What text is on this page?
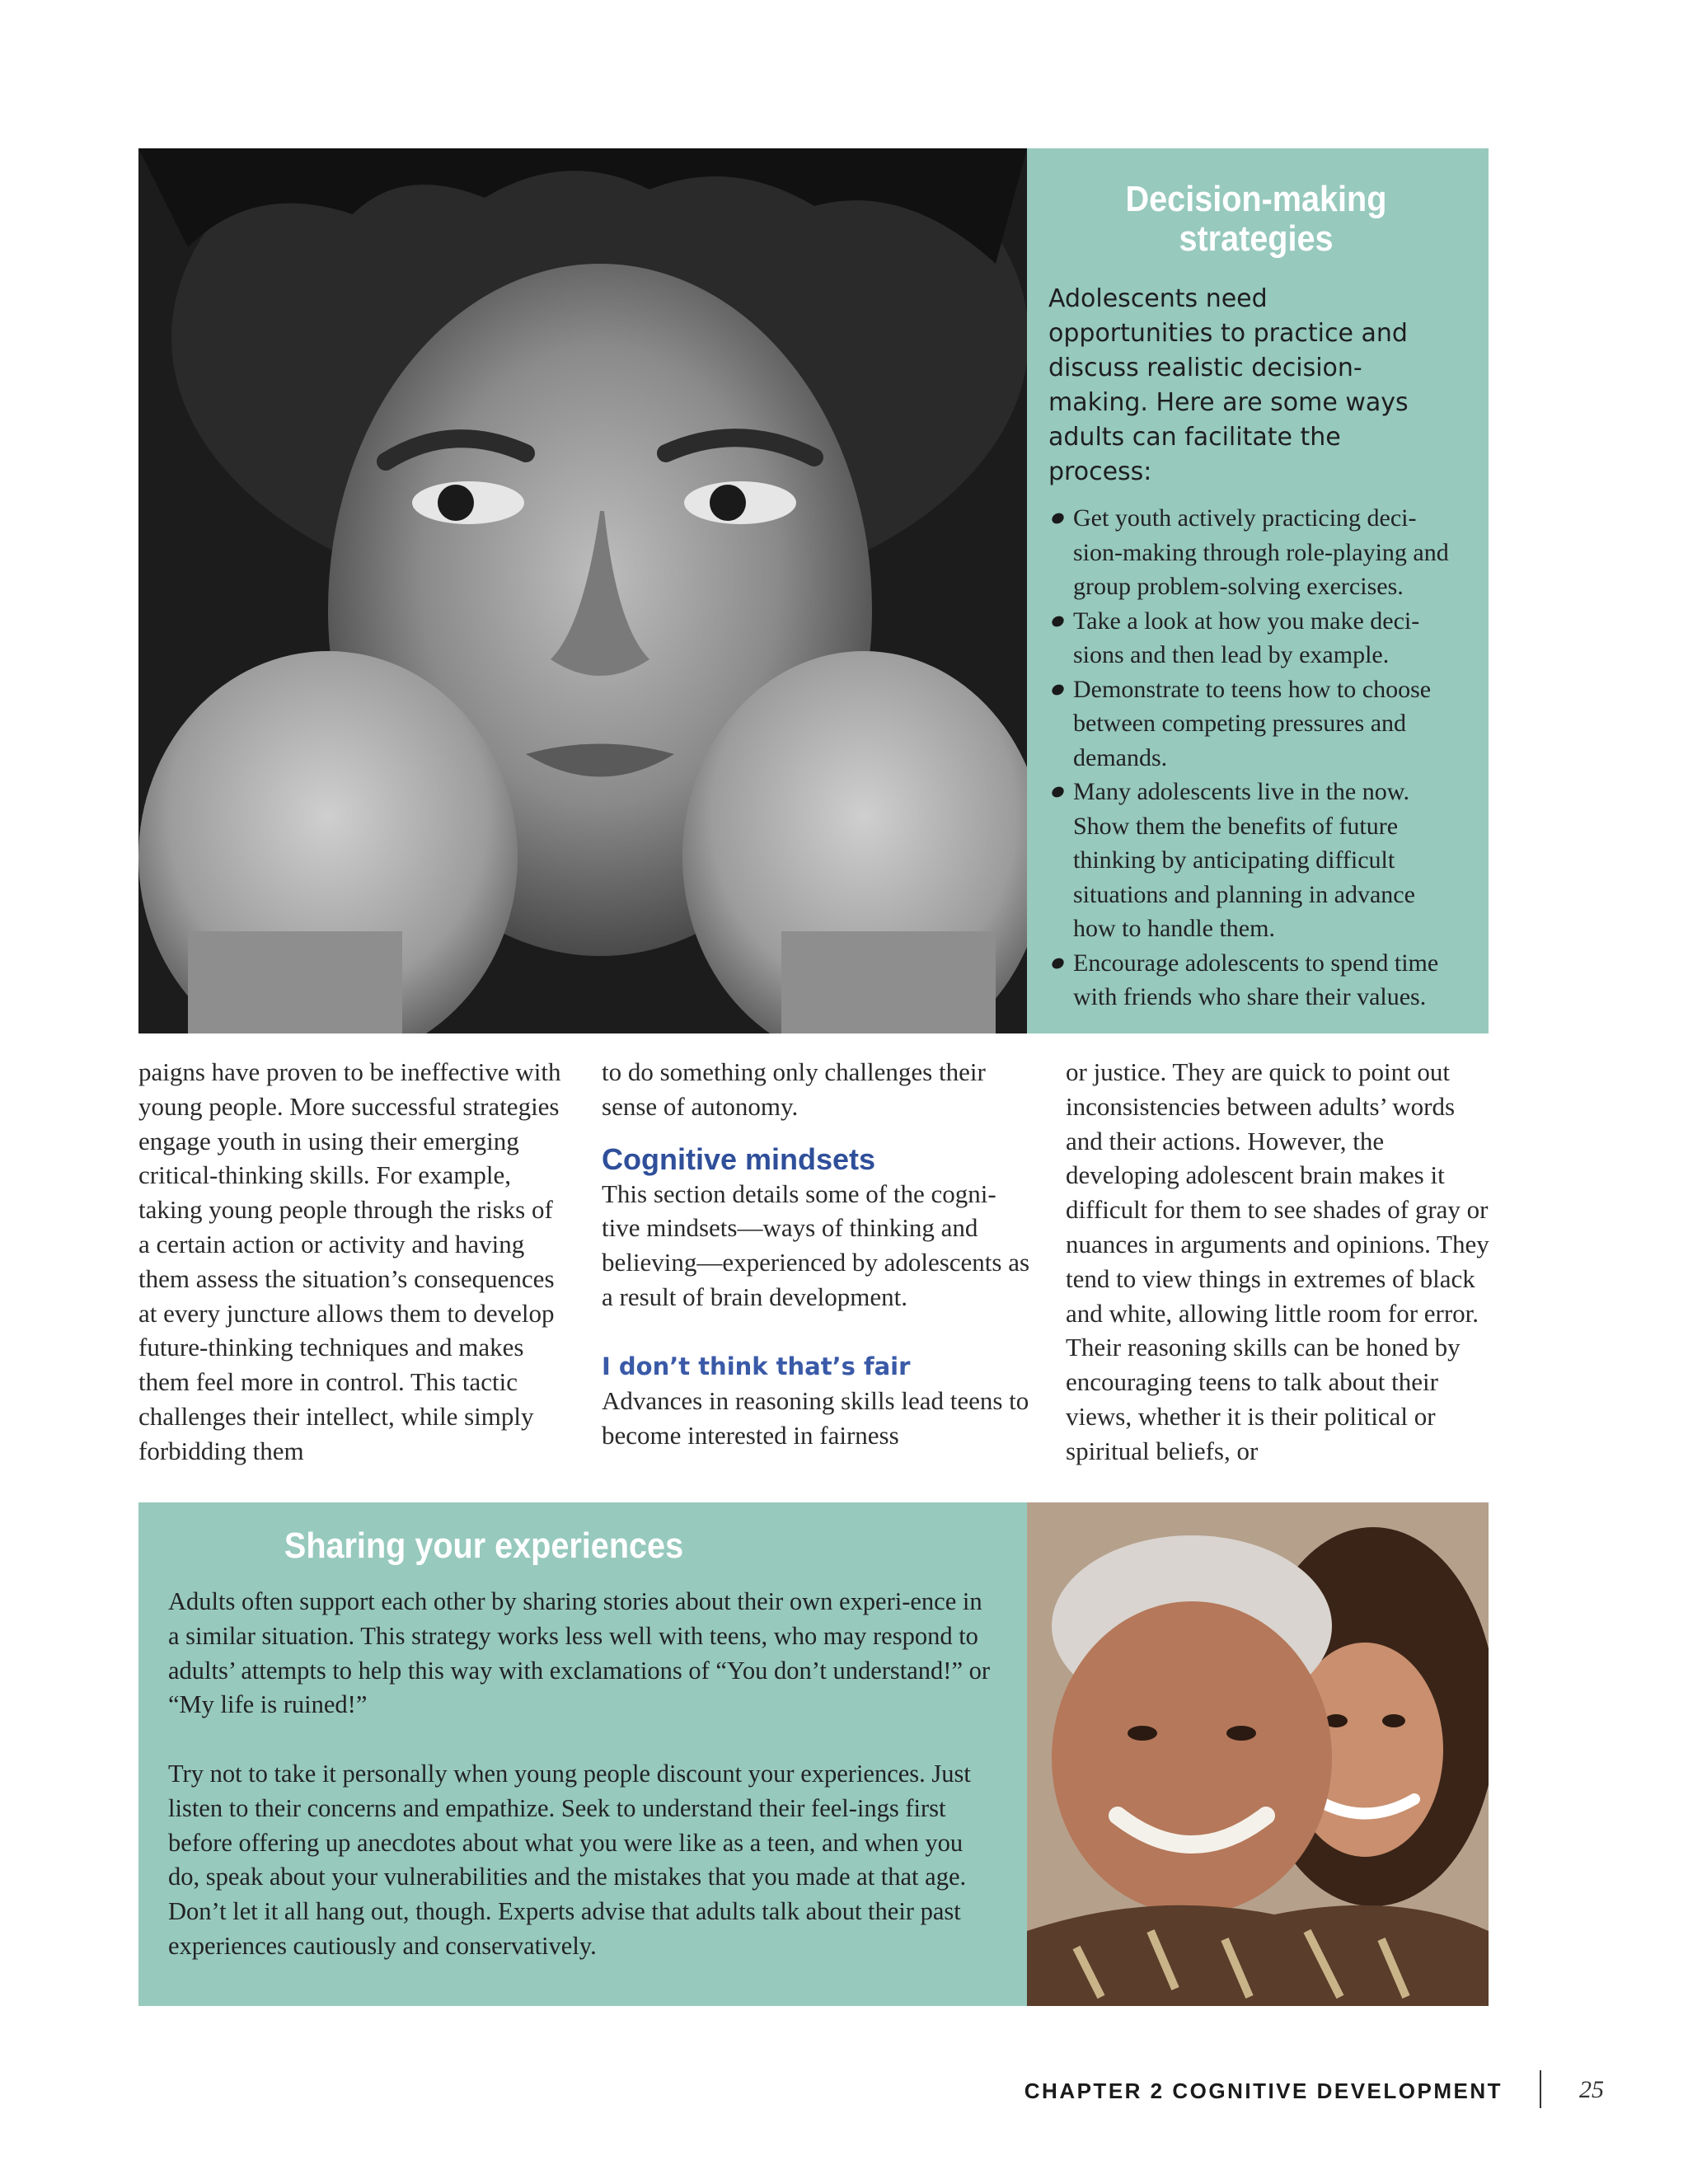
Decision-making strategies

Adolescents need opportunities to practice and discuss realistic decision-making. Here are some ways adults can facilitate the process:

Get youth actively practicing deci-sion-making through role-playing and group problem-solving exercises.
Take a look at how you make deci-sions and then lead by example.
Demonstrate to teens how to choose between competing pressures and demands.
Many adolescents live in the now. Show them the benefits of future thinking by anticipating difficult situations and planning in advance how to handle them.
Encourage adolescents to spend time with friends who share their values.

paigns have proven to be ineffective with young people. More successful strategies engage youth in using their emerging critical-thinking skills. For example, taking young people through the risks of a certain action or activity and having them assess the situation’s consequences at every juncture allows them to develop future-thinking techniques and makes them feel more in control. This tactic challenges their intellect, while simply forbidding them

to do something only challenges their sense of autonomy.

Cognitive mindsets

This section details some of the cogni-tive mindsets—ways of thinking and believing—experienced by adolescents as a result of brain development.

I don’t think that’s fair

Advances in reasoning skills lead teens to become interested in fairness

or justice. They are quick to point out inconsistencies between adults’ words and their actions. However, the developing adolescent brain makes it difficult for them to see shades of gray or nuances in arguments and opinions. They tend to view things in extremes of black and white, allowing little room for error. Their reasoning skills can be honed by encouraging teens to talk about their views, whether it is their political or spiritual beliefs, or

Sharing your experiences

Adults often support each other by sharing stories about their own experi-ence in a similar situation. This strategy works less well with teens, who may respond to adults’ attempts to help this way with exclamations of “You don’t understand!” or “My life is ruined!”

Try not to take it personally when young people discount your experiences. Just listen to their concerns and empathize. Seek to understand their feel-ings first before offering up anecdotes about what you were like as a teen, and when you do, speak about your vulnerabilities and the mistakes that you made at that age. Don’t let it all hang out, though. Experts advise that adults talk about their past experiences cautiously and conservatively.

CHAPTER 2 COGNITIVE DEVELOPMENT	25
